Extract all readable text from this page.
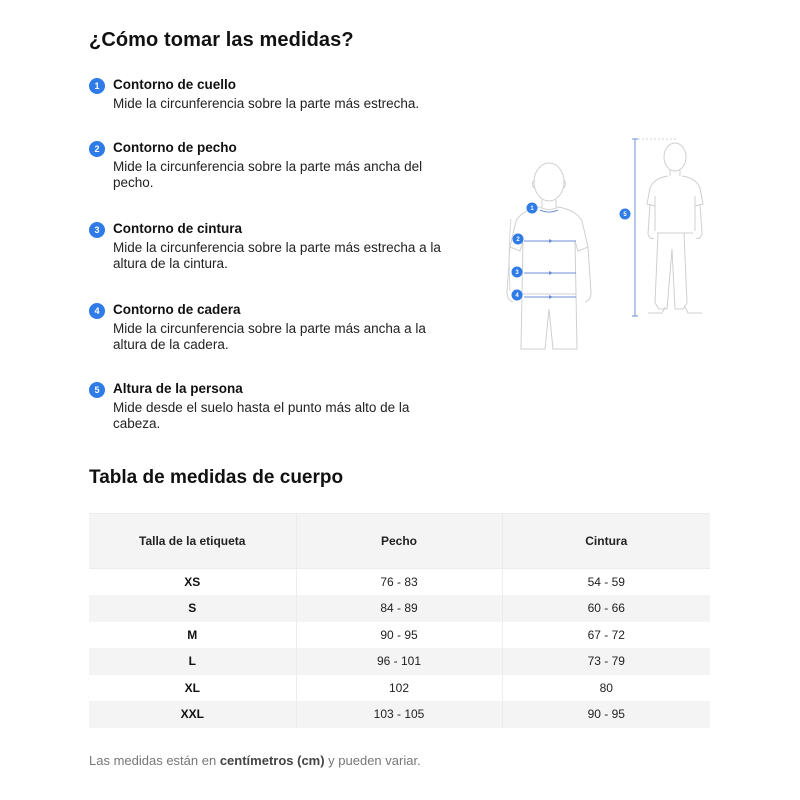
¿Cómo tomar las medidas?
1	Contorno de cuello

Mide la circunferencia sobre la parte más estrecha.

2	Contorno de pecho

Mide la circunferencia sobre la parte más ancha del pecho.

3	Contorno de cintura

Mide la circunferencia sobre la parte más estrecha a la altura de la cintura.

4	Contorno de cadera

Mide la circunferencia sobre la parte más ancha a la altura de la cadera.

5	Altura de la persona

Mide desde el suelo hasta el punto más alto de la cabeza.

1
2
3
4
5
Tabla de medidas de cuerpo
Talla de la etiqueta	Pecho	Cintura
XS	76 - 83	54 - 59
S	84 - 89	60 - 66
M	90 - 95	67 - 72
L	96 - 101	73 - 79
XL	102	80
XXL	103 - 105	90 - 95

Las medidas están en centímetros (cm) y pueden variar.
